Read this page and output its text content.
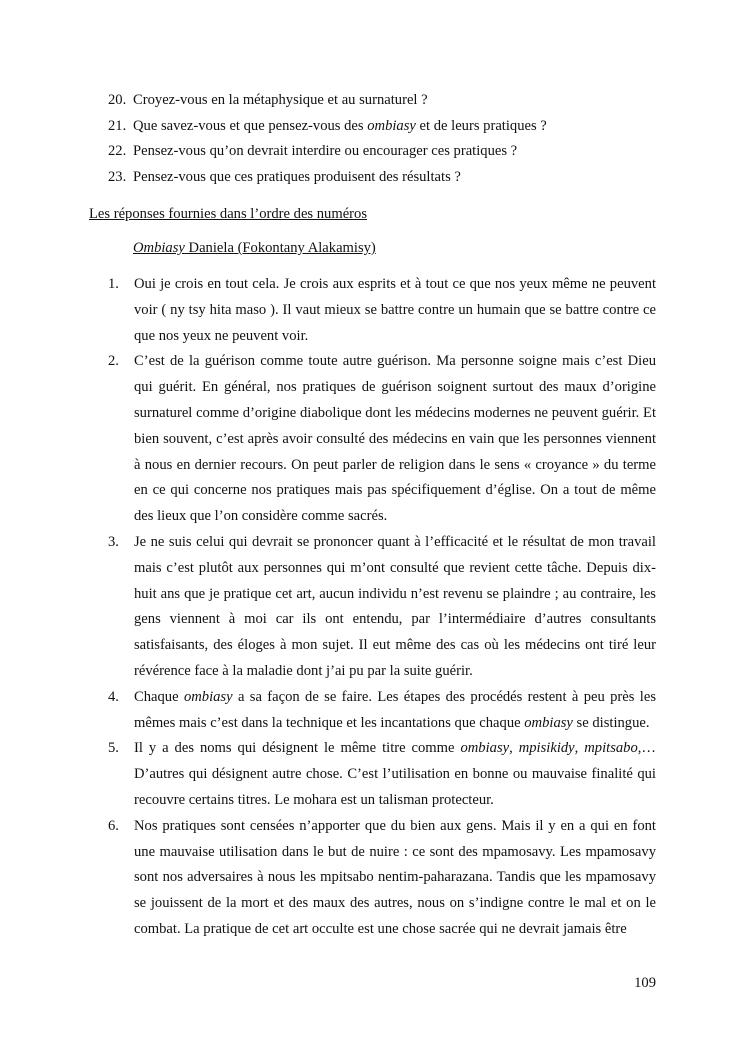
20. Croyez-vous en la métaphysique et au surnaturel ?
21. Que savez-vous et que pensez-vous des ombiasy et de leurs pratiques ?
22. Pensez-vous qu’on devrait interdire ou encourager ces pratiques ?
23. Pensez-vous que ces pratiques produisent des résultats ?
Les réponses fournies dans l’ordre des numéros
Ombiasy Daniela (Fokontany Alakamisy)
1. Oui je crois en tout cela. Je crois aux esprits et à tout ce que nos yeux même ne peuvent voir ( ny tsy hita maso ). Il vaut mieux se battre contre un humain que se battre contre ce que nos yeux ne peuvent voir.
2. C’est de la guérison comme toute autre guérison. Ma personne soigne mais c’est Dieu qui guérit. En général, nos pratiques de guérison soignent surtout des maux d’origine surnaturel comme d’origine diabolique dont les médecins modernes ne peuvent guérir. Et bien souvent, c’est après avoir consulté des médecins en vain que les personnes viennent à nous en dernier recours. On peut parler de religion dans le sens « croyance » du terme en ce qui concerne nos pratiques mais pas spécifiquement d’église. On a tout de même des lieux que l’on considère comme sacrés.
3. Je ne suis celui qui devrait se prononcer quant à l’efficacité et le résultat de mon travail mais c’est plutôt aux personnes qui m’ont consulté que revient cette tâche. Depuis dix-huit ans que je pratique cet art, aucun individu n’est revenu se plaindre ; au contraire, les gens viennent à moi car ils ont entendu, par l’intermédiaire d’autres consultants satisfaisants, des éloges à mon sujet. Il eut même des cas où les médecins ont tiré leur révérence face à la maladie dont j’ai pu par la suite guérir.
4. Chaque ombiasy a sa façon de se faire. Les étapes des procédés restent à peu près les mêmes mais c’est dans la technique et les incantations que chaque ombiasy se distingue.
5. Il y a des noms qui désignent le même titre comme ombiasy, mpisikidy, mpitsabo,… D’autres qui désignent autre chose. C’est l’utilisation en bonne ou mauvaise finalité qui recouvre certains titres. Le mohara est un talisman protecteur.
6. Nos pratiques sont censées n’apporter que du bien aux gens. Mais il y en a qui en font une mauvaise utilisation dans le but de nuire : ce sont des mpamosavy. Les mpamosavy sont nos adversaires à nous les mpitsabo nentim-paharazana. Tandis que les mpamosavy se jouissent de la mort et des maux des autres, nous on s’indigne contre le mal et on le combat. La pratique de cet art occulte est une chose sacrée qui ne devrait jamais être
109
